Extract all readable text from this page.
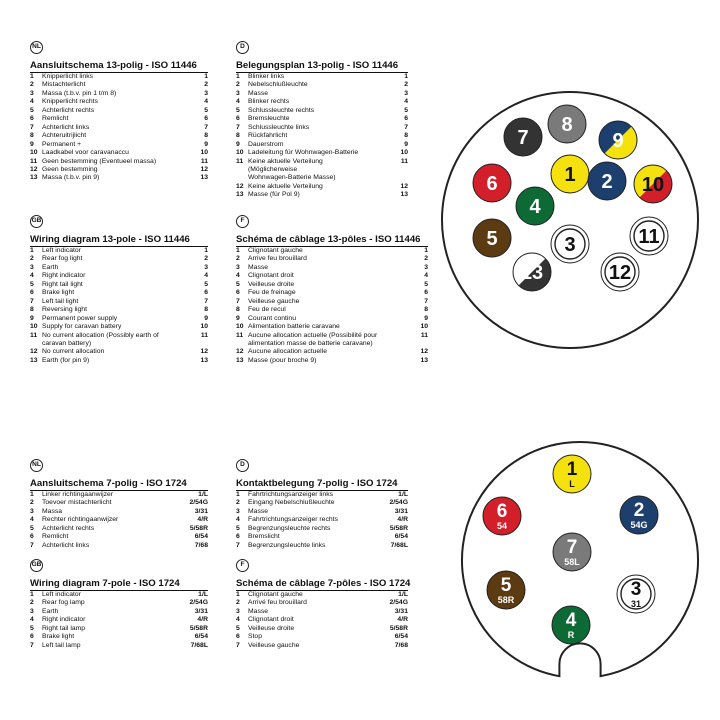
NL
Aansluitschema 13-polig - ISO 11446
1	Knipperlicht links	1
2	Mistachterlicht	2
3	Massa (t.b.v. pin 1 t/m 8)	3
4	Knipperlicht rechts	4
5	Achterlicht rechts	5
6	Remlicht	6
7	Achterlicht links	7
8	Achteruitrijlicht	8
9	Permanent +	9
10 Laadkabel voor caravanaccu	10
11 Geen bestemming (Eventueel massa)	11
12 Geen bestemming	12
13 Massa (t.b.v. pin 9)	13
D
Belegungsplan 13-polig - ISO 11446
1	Blinker links	1
2	Nebelschlußleuchte	2
3	Masse	3
4	Blinker rechts	4
5	Schlussleuchte rechts	5
6	Bremsleuchte	6
7	Schlussleuchte links	7
8	Rückfahrlicht	8
9	Dauerstrom	9
10 Ladeleitung für Wohnwagen-Batterie	10
11 Keine aktuelle Verteilung (Möglicherweise
Wohnwagen-Batterie Masse)
11
12 Keine aktuelle Verteilung	12
13 Masse (für Pol 9)	13
GB
Wiring diagram 13-pole - ISO 11446
1	Left indicator	1
2	Rear fog light	2
3	Earth	3
4	Right indicator	4
5	Right tail light	5
6	Brake light	6
7	Left tail light	7
8	Reversing light	8
9	Permanent power supply	9
10 Supply for caravan battery	10
11 No current allocation (Possibly earth of
caravan battery)
11
12 No current allocation	12
13 Earth (for pin 9)	13
F
Schéma de câblage 13-pôles - ISO 11446
1	Clignotant gauche	1
2	Arrive feu brouillard	2
3	Masse	3
4	Clignotant droit	4
5	Veilleuse droite	5
6	Feu de freinage	6
7	Veilleuse gauche	7
8	Feu de recul	8
9	Courant continu	9
10 Alimentation batterie caravane	10
11 Aucune allocation actuelle (Possibilité pour
alimentation masse de batterie caravane)
11
12 Aucune allocation actuelle	12
13 Masse (pour broche 9)	13
NL
Aansluitschema 7-polig - ISO 1724
1	Linker richtingaanwijzer	1/L
2	Toevoer mistachterlicht	2/54G
3	Massa	3/31
4	Rechter richtingaanwijzer	4/R
5	Achterlicht rechts	5/58R
6	Remlicht	6/54
7	Achterlicht links	7/68
D
Kontaktbelegung 7-polig - ISO 1724
1	Fahrtrichtungsanzeiger links	1/L
2	Eingang Nebelschlußleuchte	2/54G
3	Masse	3/31
4	Fahrtrichtungsanzeiger rechts	4/R
5	Begrenzungsleuchte rechts	5/58R
6	Bremslicht	6/54
7	Begrenzungsleuchte links	7/68L
GB
Wiring diagram 7-pole - ISO 1724
1	Left indicator	1/L
2	Rear fog lamp	2/54G
3	Earth	3/31
4	Right indicator	4/R
5	Right tail lamp	5/58R
6	Brake light	6/54
7	Left tail lamp	7/68L
F
Schéma de câblage 7-pôles - ISO 1724
1	Clignotant gauche	1/L
2	Arrivé feu brouillard	2/54G
3	Masse	3/31
4	Clignotant droit	4/R
5	Veilleuse droite	5/58R
6	Stop	6/54
7	Veilleuse gauche	7/68
1 2
3
4
5
6
7
8
9
10
11
12
13
1
L
2
54G
3
31
4
R
5
58R
6
54
7
58L
